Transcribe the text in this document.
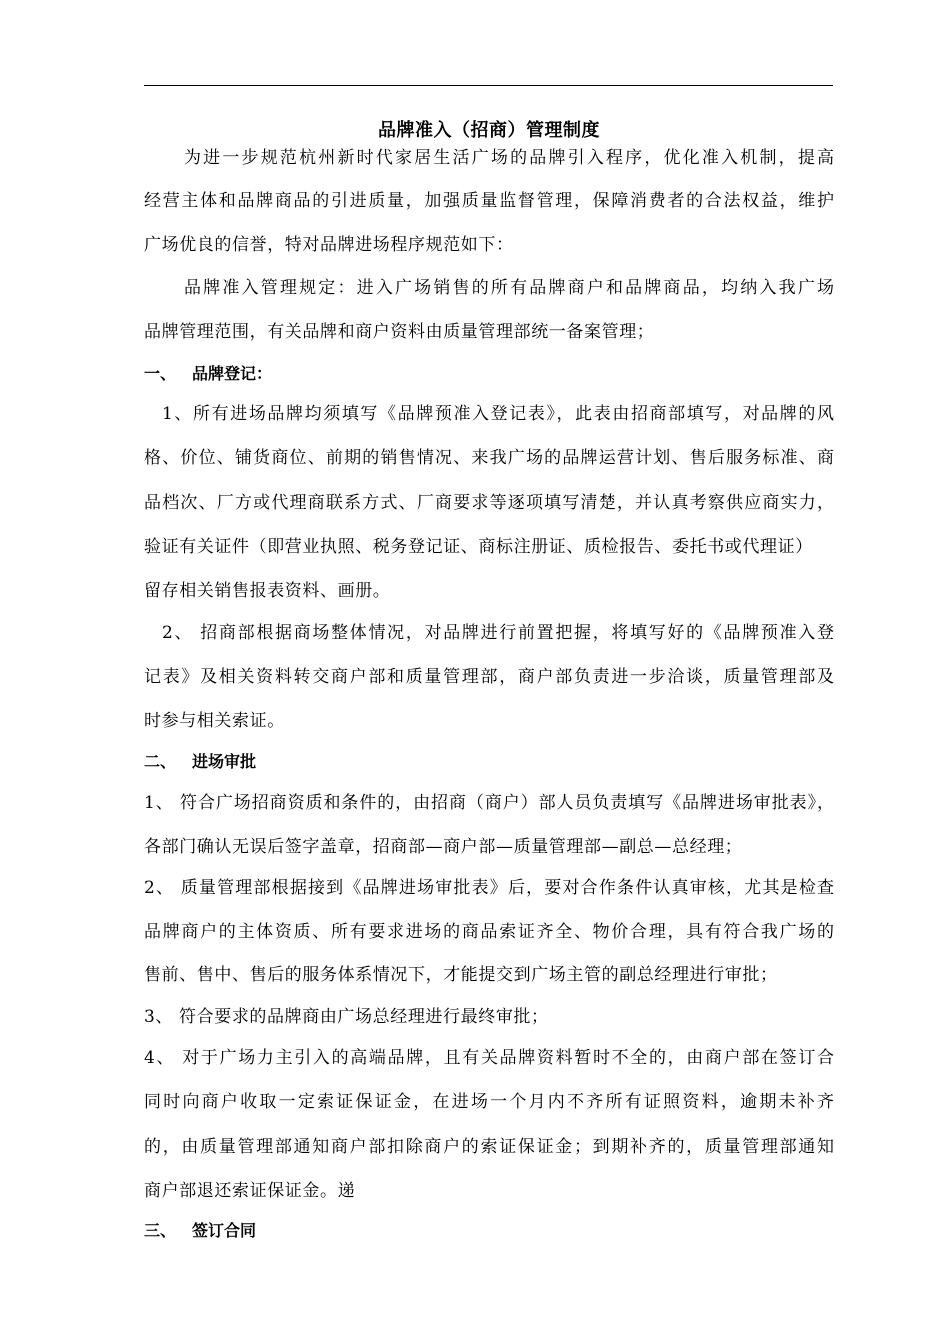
品牌准入（招商）管理制度
为进一步规范杭州新时代家居生活广场的品牌引入程序，优化准入机制，提高
经营主体和品牌商品的引进质量，加强质量监督管理，保障消费者的合法权益，维护
广场优良的信誉，特对品牌进场程序规范如下：
品牌准入管理规定：进入广场销售的所有品牌商户和品牌商品，均纳入我广场
品牌管理范围，有关品牌和商户资料由质量管理部统一备案管理；
一、 品牌登记：
1、所有进场品牌均须填写《品牌预准入登记表》，此表由招商部填写，对品牌的风
格、价位、铺货商位、前期的销售情况、来我广场的品牌运营计划、售后服务标准、商
品档次、厂方或代理商联系方式、厂商要求等逐项填写清楚，并认真考察供应商实力，
验证有关证件（即营业执照、税务登记证、商标注册证、质检报告、委托书或代理证）
留存相关销售报表资料、画册。
2、 招商部根据商场整体情况，对品牌进行前置把握，将填写好的《品牌预准入登
记表》及相关资料转交商户部和质量管理部，商户部负责进一步洽谈，质量管理部及
时参与相关索证。
二、 进场审批
1、 符合广场招商资质和条件的，由招商（商户）部人员负责填写《品牌进场审批表》，
各部门确认无误后签字盖章，招商部—商户部—质量管理部—副总—总经理；
2、 质量管理部根据接到《品牌进场审批表》后，要对合作条件认真审核，尤其是检查
品牌商户的主体资质、所有要求进场的商品索证齐全、物价合理，具有符合我广场的
售前、售中、售后的服务体系情况下，才能提交到广场主管的副总经理进行审批；
3、 符合要求的品牌商由广场总经理进行最终审批；
4、 对于广场力主引入的高端品牌，且有关品牌资料暂时不全的，由商户部在签订合
同时向商户收取一定索证保证金，在进场一个月内不齐所有证照资料，逾期未补齐
的，由质量管理部通知商户部扣除商户的索证保证金；到期补齐的，质量管理部通知
商户部退还索证保证金。递
三、 签订合同
